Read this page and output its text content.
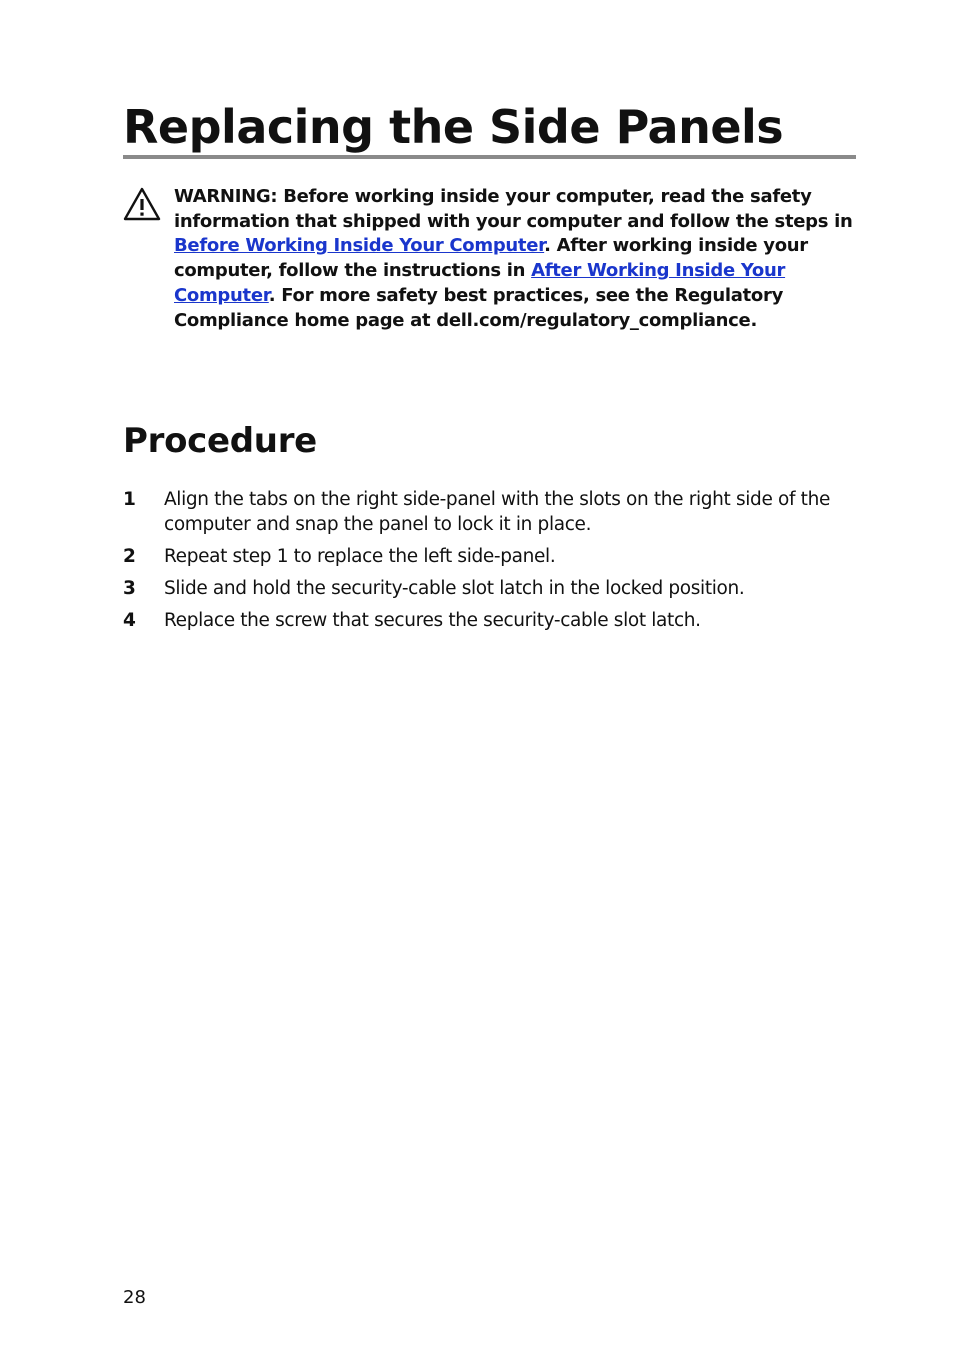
Replacing the Side Panels

WARNING: Before working inside your computer, read the safety information that shipped with your computer and follow the steps in Before Working Inside Your Computer. After working inside your computer, follow the instructions in After Working Inside Your Computer. For more safety best practices, see the Regulatory Compliance home page at dell.com/regulatory_compliance.

Procedure
1 Align the tabs on the right side-panel with the slots on the right side of the computer and snap the panel to lock it in place.
2 Repeat step 1 to replace the left side-panel.
3 Slide and hold the security-cable slot latch in the locked position.
4 Replace the screw that secures the security-cable slot latch.
28
